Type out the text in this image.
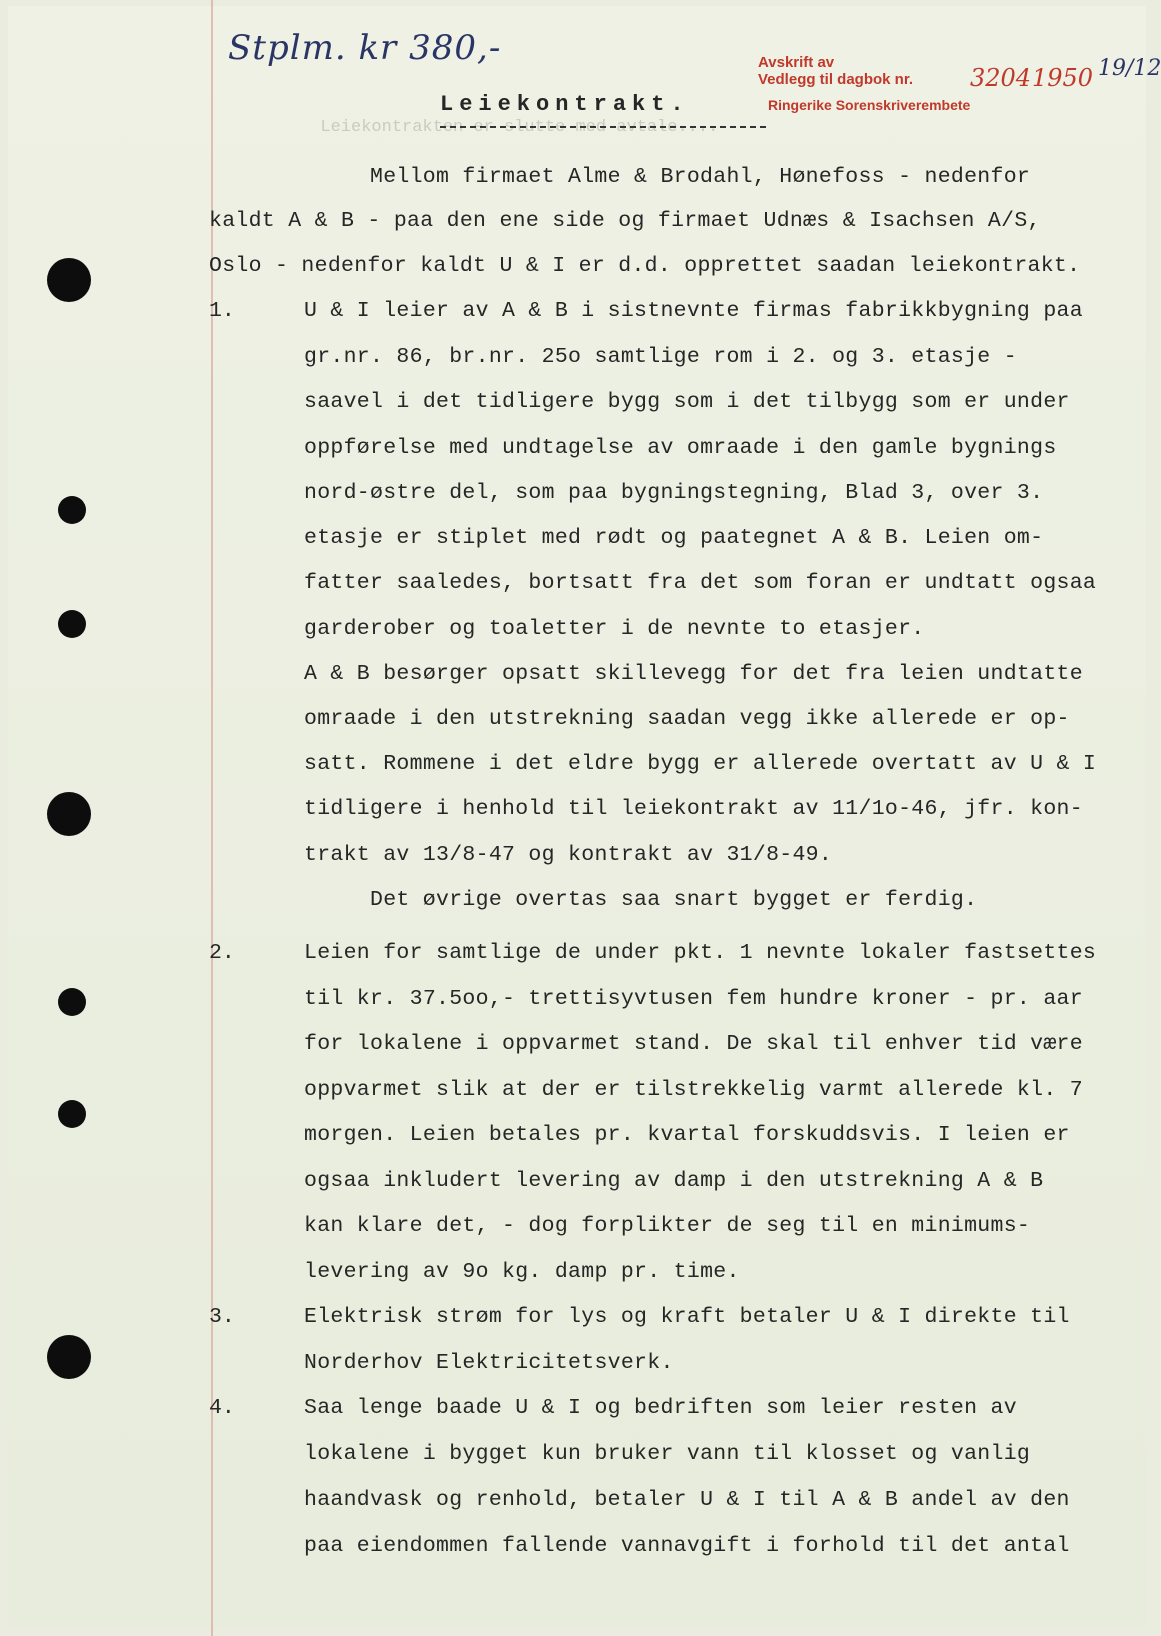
Leiekontrakten er slutte med avtale....
Stplm. kr 380,-	Avskrift av
Vedlegg til dagbok nr. 3204 1950 19/12
Ringerike Sorenskriverembete
Leiekontrakt.
Mellom firmaet Alme & Brodahl, Hønefoss - nedenfor
kaldt A & B - paa den ene side og firmaet Udnæs & Isachsen A/S,
Oslo - nedenfor kaldt U & I er d.d. opprettet saadan leiekontrakt.
1.
2.
3.
4.
U & I leier av A & B i sistnevnte firmas fabrikkbygning paa
gr.nr. 86, br.nr. 25o samtlige rom i 2. og 3. etasje -
saavel i det tidligere bygg som i det tilbygg som er under
oppførelse med undtagelse av omraade i den gamle bygnings
nord-østre del, som paa bygningstegning, Blad 3, over 3.
etasje er stiplet med rødt og paategnet A & B. Leien om-
fatter saaledes, bortsatt fra det som foran er undtatt ogsaa
garderober og toaletter i de nevnte to etasjer.
A & B besørger opsatt skillevegg for det fra leien undtatte
omraade i den utstrekning saadan vegg ikke allerede er op-
satt. Rommene i det eldre bygg er allerede overtatt av U & I
tidligere i henhold til leiekontrakt av 11/1o-46, jfr. kon-
trakt av 13/8-47 og kontrakt av 31/8-49.
Det øvrige overtas saa snart bygget er ferdig.
Leien for samtlige de under pkt. 1 nevnte lokaler fastsettes
til kr. 37.5oo,- trettisyvtusen fem hundre kroner - pr. aar
for lokalene i oppvarmet stand. De skal til enhver tid være
oppvarmet slik at der er tilstrekkelig varmt allerede kl. 7
morgen. Leien betales pr. kvartal forskuddsvis. I leien er
ogsaa inkludert levering av damp i den utstrekning A & B
kan klare det, - dog forplikter de seg til en minimums-
levering av 9o kg. damp pr. time.
Elektrisk strøm for lys og kraft betaler U & I direkte til
Norderhov Elektricitetsverk.
Saa lenge baade U & I og bedriften som leier resten av
lokalene i bygget kun bruker vann til klosset og vanlig
haandvask og renhold, betaler U & I til A & B andel av den
paa eiendommen fallende vannavgift i forhold til det antal
